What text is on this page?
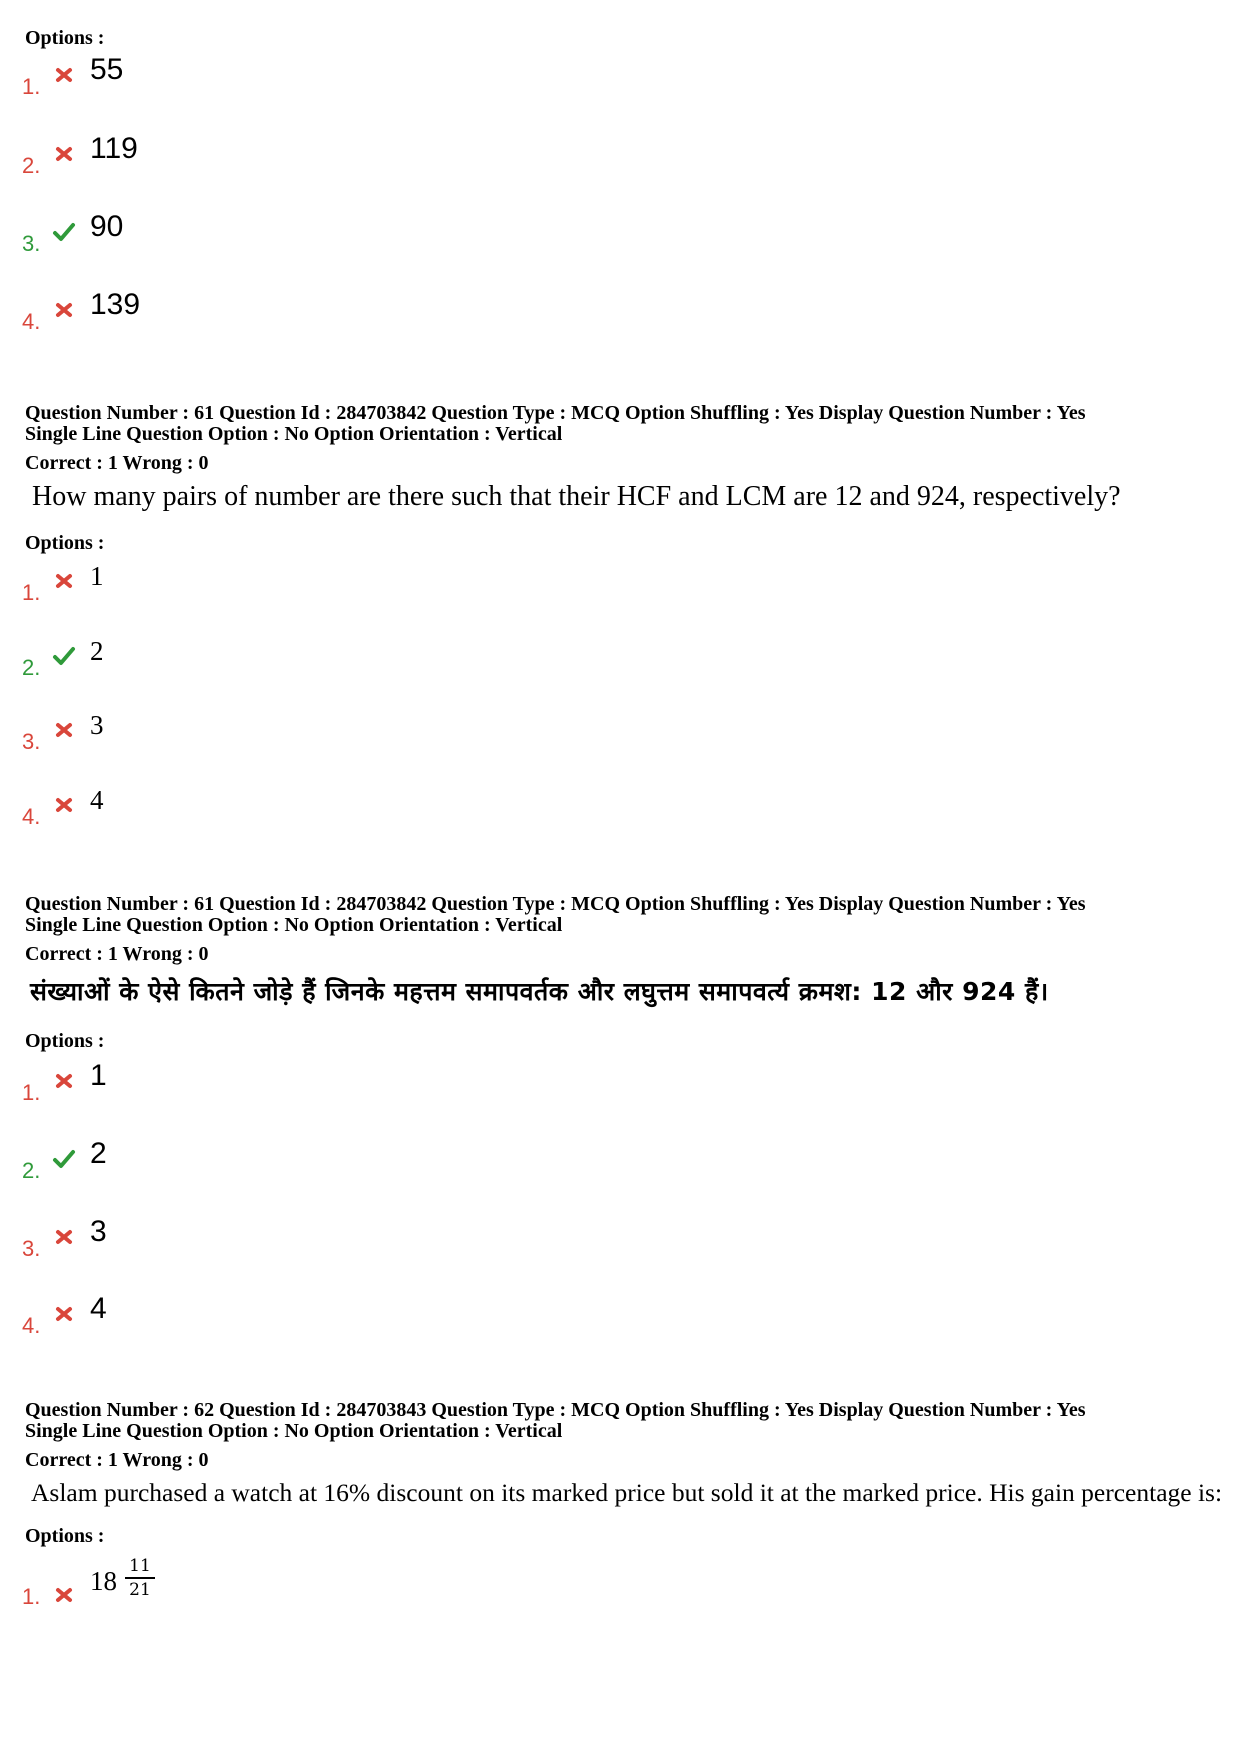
Options :
1.
55
2.
119
3.
90
4.
139
Question Number : 61 Question Id : 284703842 Question Type : MCQ Option Shuffling : Yes Display Question Number : Yes
Single Line Question Option : No Option Orientation : Vertical
Correct : 1 Wrong : 0
How many pairs of number are there such that their HCF and LCM are 12 and 924, respectively?
Options :
1.
1
2.
2
3.
3
4.
4
Question Number : 61 Question Id : 284703842 Question Type : MCQ Option Shuffling : Yes Display Question Number : Yes
Single Line Question Option : No Option Orientation : Vertical
Correct : 1 Wrong : 0
संख्याओं के ऐसे कितने जोड़े हैं जिनके महत्तम समापवर्तक और लघुत्तम समापवर्त्य क्रमश: 12 और 924 हैं।
Options :
1.
1
2.
2
3.
3
4.
4
Question Number : 62 Question Id : 284703843 Question Type : MCQ Option Shuffling : Yes Display Question Number : Yes
Single Line Question Option : No Option Orientation : Vertical
Correct : 1 Wrong : 0
Aslam purchased a watch at 16% discount on its marked price but sold it at the marked price. His gain percentage is:
Options :
1.
18 11
21
